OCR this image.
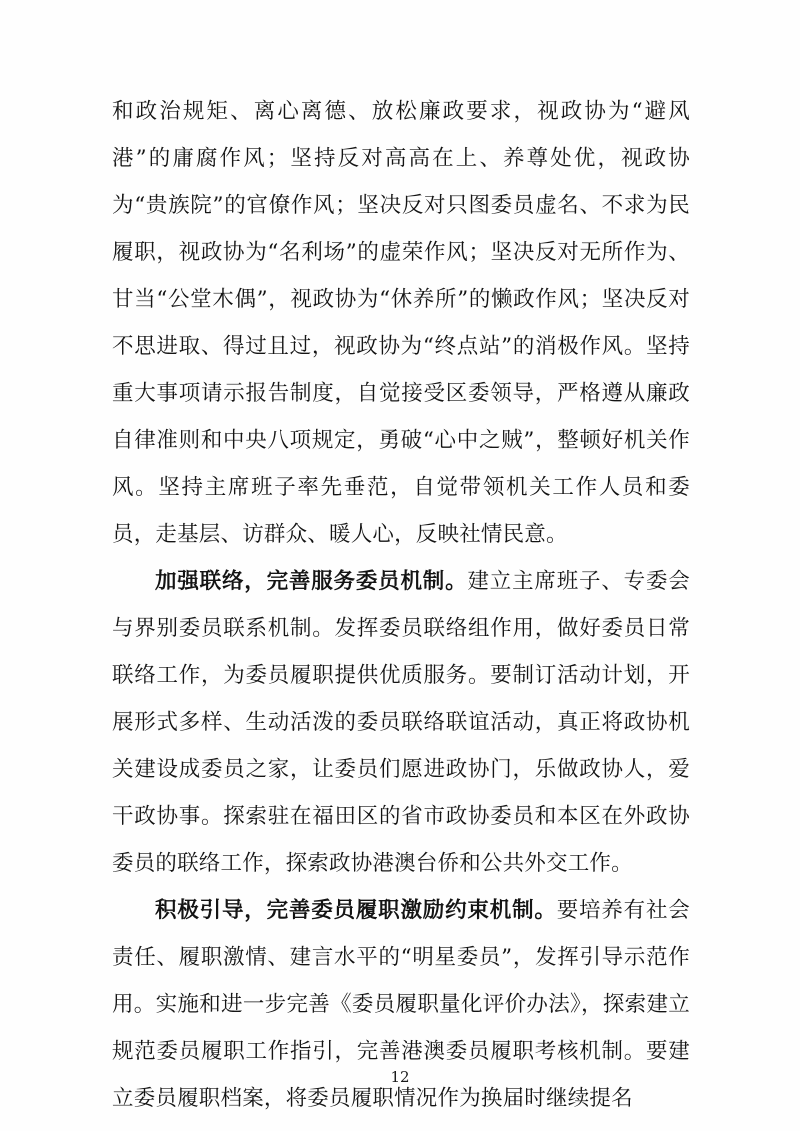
和政治规矩、离心离德、放松廉政要求，视政协为“避风港”的庸腐作风；坚持反对高高在上、养尊处优，视政协为“贵族院”的官僚作风；坚决反对只图委员虚名、不求为民履职，视政协为“名利场”的虚荣作风；坚决反对无所作为、甘当“公堂木偶”，视政协为“休养所”的懒政作风；坚决反对不思进取、得过且过，视政协为“终点站”的消极作风。坚持重大事项请示报告制度，自觉接受区委领导，严格遵从廉政自律准则和中央八项规定，勇破“心中之贼”，整顿好机关作风。坚持主席班子率先垂范，自觉带领机关工作人员和委员，走基层、访群众、暖人心，反映社情民意。

加强联络，完善服务委员机制。建立主席班子、专委会与界别委员联系机制。发挥委员联络组作用，做好委员日常联络工作，为委员履职提供优质服务。要制订活动计划，开展形式多样、生动活泼的委员联络联谊活动，真正将政协机关建设成委员之家，让委员们愿进政协门，乐做政协人，爱干政协事。探索驻在福田区的省市政协委员和本区在外政协委员的联络工作，探索政协港澳台侨和公共外交工作。

积极引导，完善委员履职激励约束机制。要培养有社会责任、履职激情、建言水平的“明星委员”，发挥引导示范作用。实施和进一步完善《委员履职量化评价办法》，探索建立规范委员履职工作指引，完善港澳委员履职考核机制。要建立委员履职档案，将委员履职情况作为换届时继续提名

12
